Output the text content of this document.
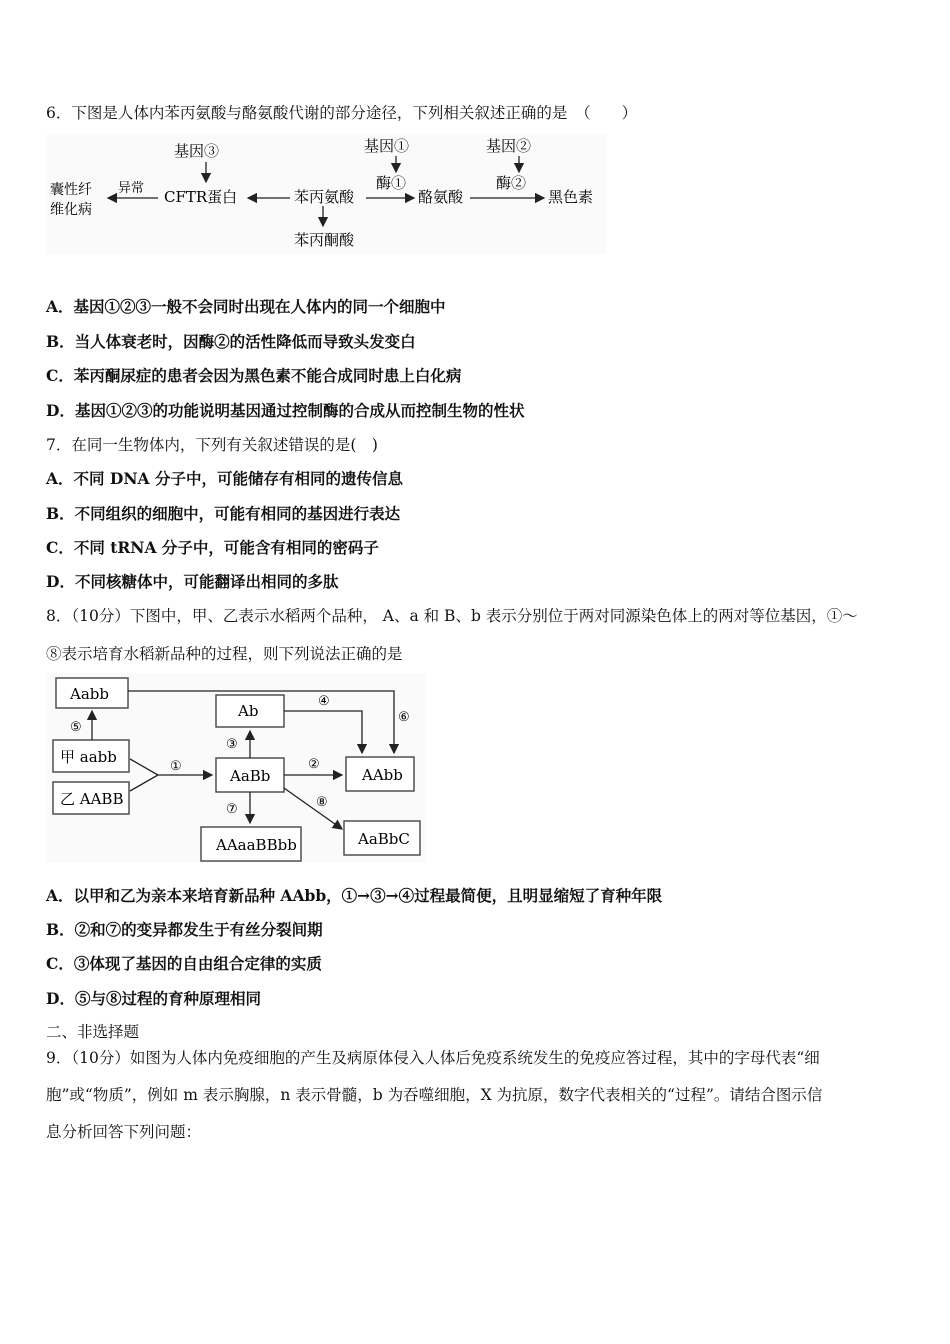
6．下图是人体内苯丙氨酸与酪氨酸代谢的部分途径，下列相关叙述正确的是　（　　）
基因③	基因①	基因②
酶①	酶②
囊性纤
维化病
异常 CFTR蛋白	苯丙氨酸	酪氨酸	黑色素
苯丙酮酸
A．基因①②③一般不会同时出现在人体内的同一个细胞中
B．当人体衰老时，因酶②的活性降低而导致头发变白
C．苯丙酮尿症的患者会因为黑色素不能合成同时患上白化病
D．基因①②③的功能说明基因通过控制酶的合成从而控制生物的性状
7．在同一生物体内，下列有关叙述错误的是(　)
A．不同 DNA 分子中，可能储存有相同的遗传信息
B．不同组织的细胞中，可能有相同的基因进行表达
C．不同 tRNA 分子中，可能含有相同的密码子
D．不同核糖体中，可能翻译出相同的多肽
8．（10分）下图中，甲、乙表示水稻两个品种， A、a 和 B、b 表示分别位于两对同源染色体上的两对等位基因，①～
⑧表示培育水稻新品种的过程，则下列说法正确的是
Aabb
甲 aabb
乙 AABB
Ab
AaBb	AAbb
AAaaBBbb	AaBbC
⑤
⑥
①
③
④
②
⑦	⑧
A．以甲和乙为亲本来培育新品种 AAbb，①→③→④过程最简便，且明显缩短了育种年限
B．②和⑦的变异都发生于有丝分裂间期
C．③体现了基因的自由组合定律的实质
D．⑤与⑧过程的育种原理相同
二、非选择题
9．（10分）如图为人体内免疫细胞的产生及病原体侵入人体后免疫系统发生的免疫应答过程，其中的字母代表“细
胞”或“物质”，例如 m 表示胸腺，n 表示骨髓，b 为吞噬细胞，X 为抗原，数字代表相关的“过程”。请结合图示信
息分析回答下列问题：
